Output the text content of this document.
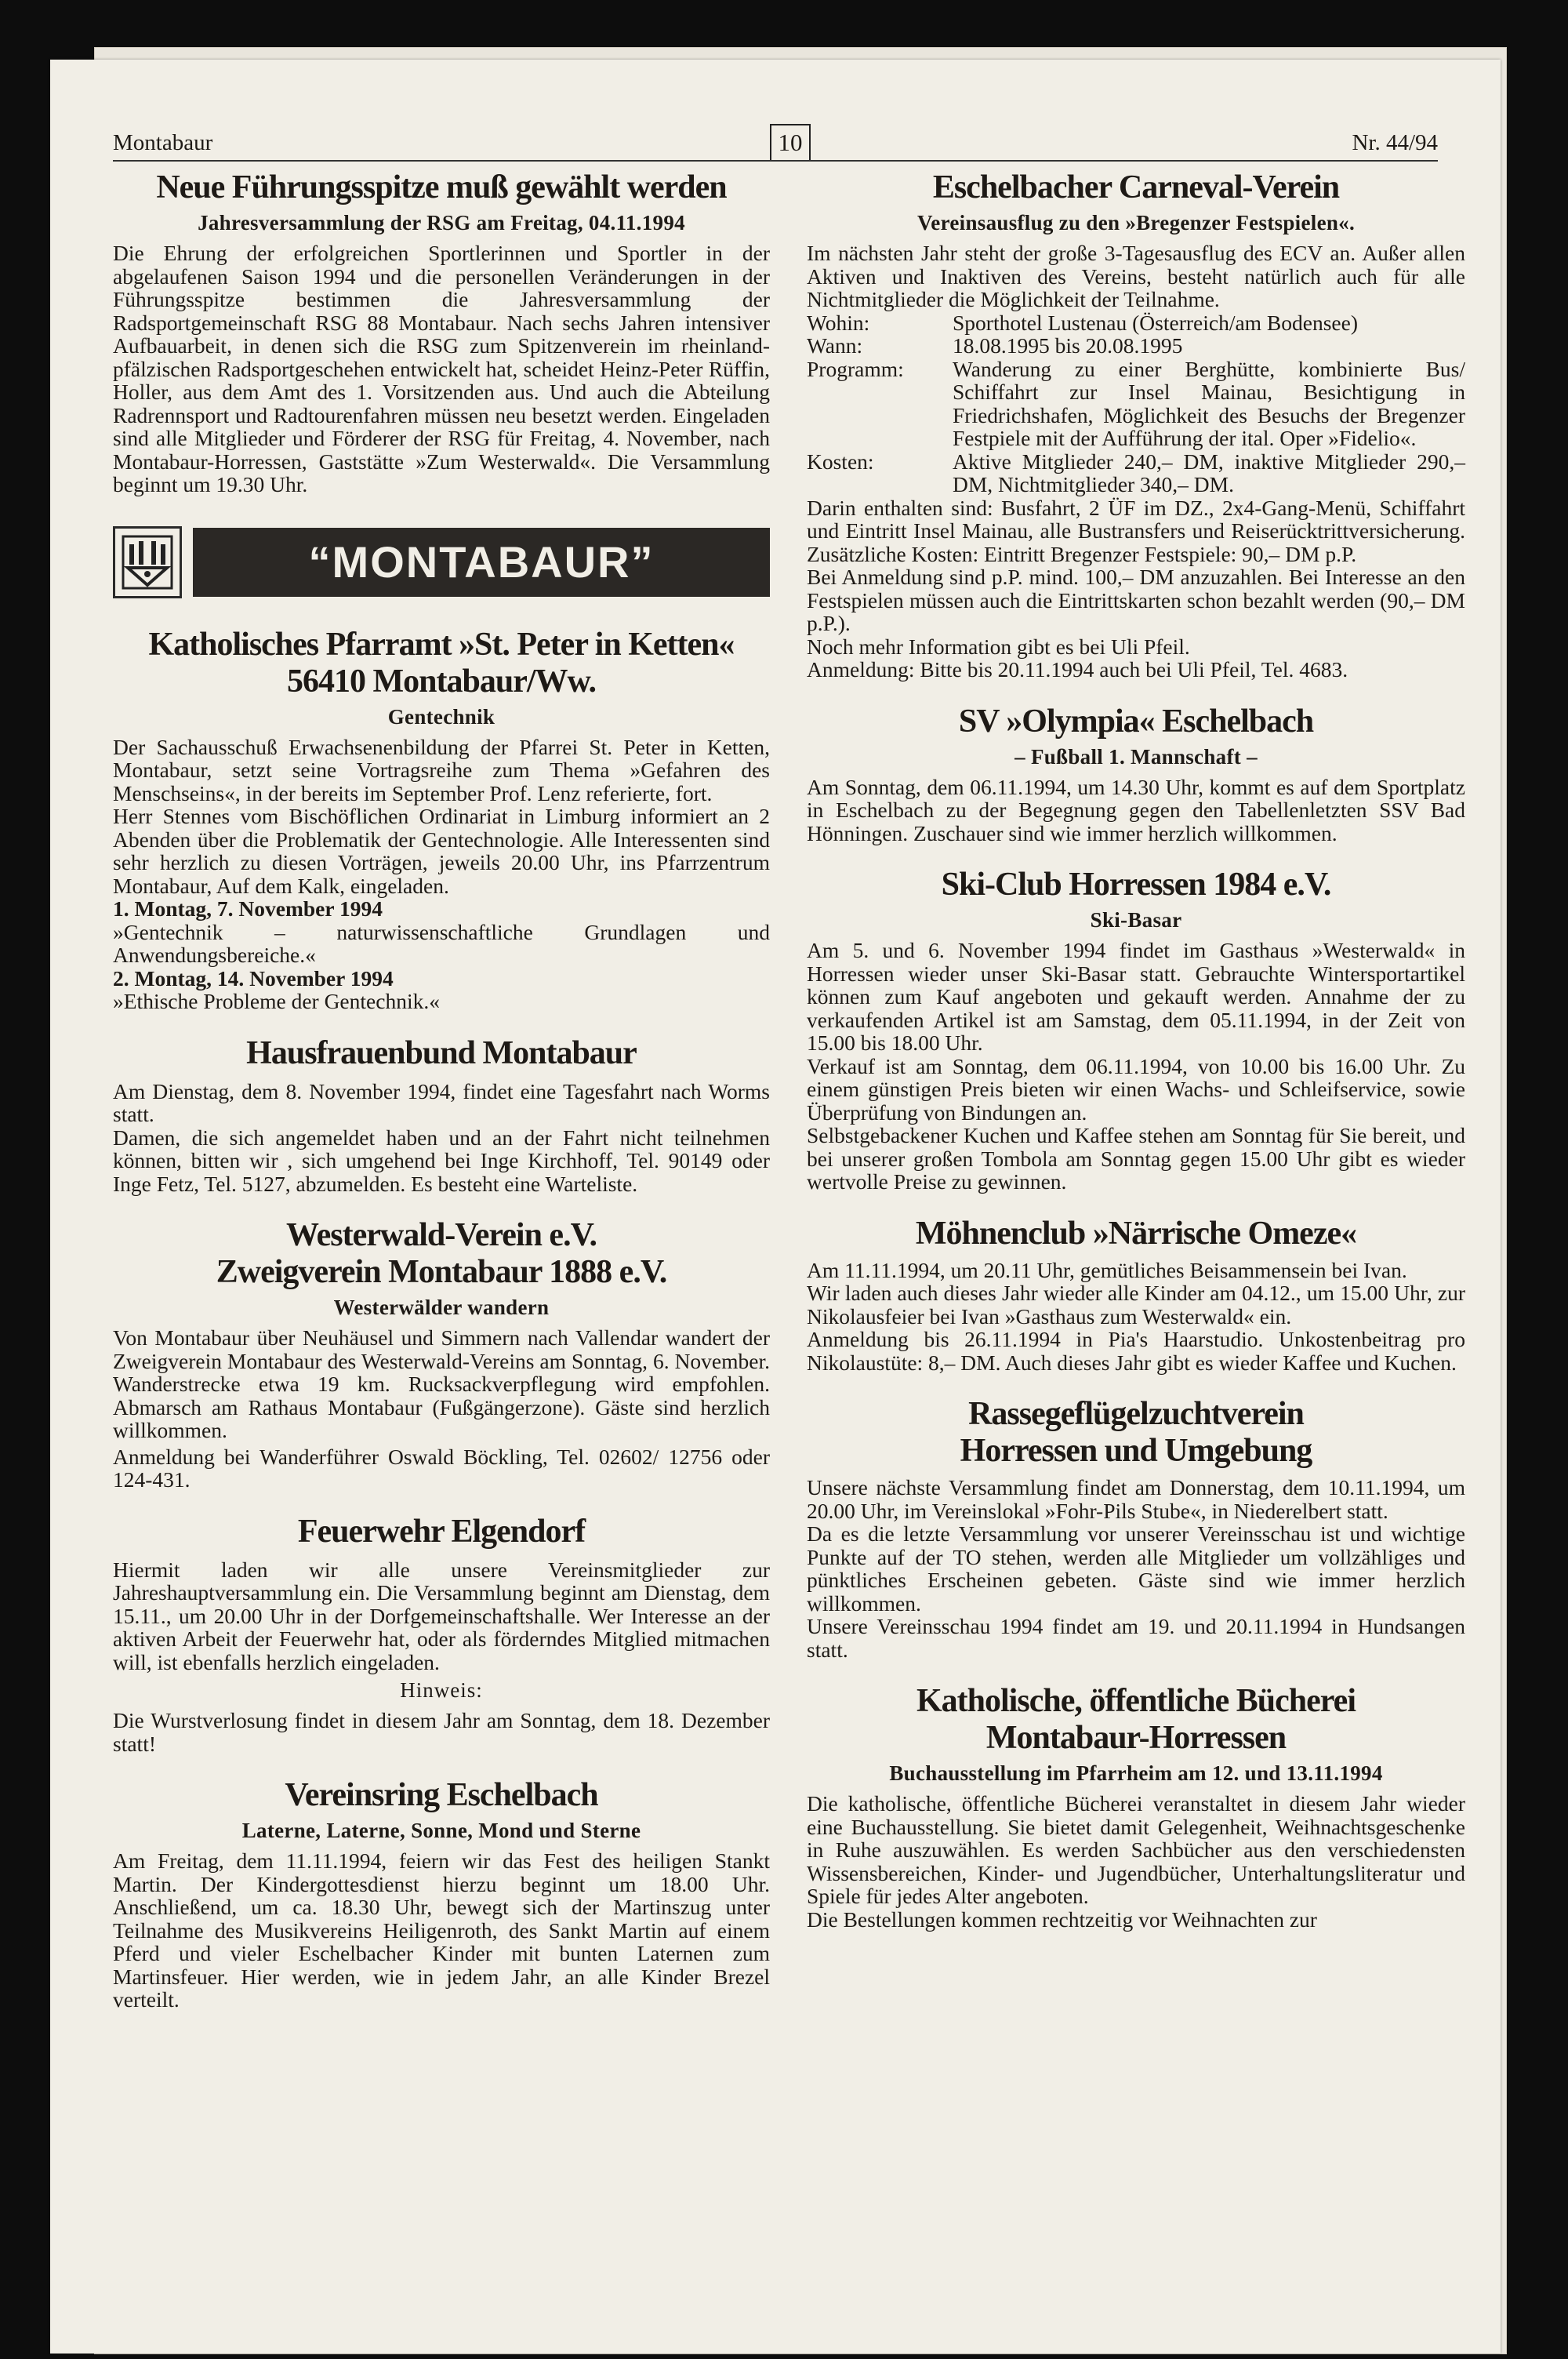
Montabaur	10	Nr. 44/94
Neue Führungsspitze muß gewählt werden
Jahresversammlung der RSG am Freitag, 04.11.1994

Die Ehrung der erfolgreichen Sportlerinnen und Sportler in der abgelaufenen Saison 1994 und die personellen Veränderungen in der Führungsspitze bestimmen die Jahresversammlung der Radsportgemeinschaft RSG 88 Montabaur. Nach sechs Jahren intensiver Aufbauarbeit, in denen sich die RSG zum Spitzenverein im rheinland-pfälzischen Radsportgeschehen entwickelt hat, scheidet Heinz-Peter Rüffin, Holler, aus dem Amt des 1. Vorsitzenden aus. Und auch die Abteilung Radrennsport und Radtourenfahren müssen neu besetzt werden. Eingeladen sind alle Mitglieder und Förderer der RSG für Freitag, 4. November, nach Montabaur-Horressen, Gaststätte »Zum Westerwald«. Die Versammlung beginnt um 19.30 Uhr.

“MONTABAUR”
Katholisches Pfarramt »St. Peter in Ketten«
56410 Montabaur/Ww.
Gentechnik

Der Sachausschuß Erwachsenenbildung der Pfarrei St. Peter in Ketten, Montabaur, setzt seine Vortragsreihe zum Thema »Gefahren des Menschseins«, in der bereits im September Prof. Lenz referierte, fort.

Herr Stennes vom Bischöflichen Ordinariat in Limburg informiert an 2 Abenden über die Problematik der Gentechnologie. Alle Interessenten sind sehr herzlich zu diesen Vorträgen, jeweils 20.00 Uhr, ins Pfarrzentrum Montabaur, Auf dem Kalk, eingeladen.

1. Montag, 7. November 1994

»Gentechnik – naturwissenschaftliche Grundlagen und Anwendungsbereiche.«

2. Montag, 14. November 1994

»Ethische Probleme der Gentechnik.«

Hausfrauenbund Montabaur

Am Dienstag, dem 8. November 1994, findet eine Tagesfahrt nach Worms statt.

Damen, die sich angemeldet haben und an der Fahrt nicht teilnehmen können, bitten wir , sich umgehend bei Inge Kirchhoff, Tel. 90149 oder Inge Fetz, Tel. 5127, abzumelden. Es besteht eine Warteliste.

Westerwald-Verein e.V.
Zweigverein Montabaur 1888 e.V.
Westerwälder wandern

Von Montabaur über Neuhäusel und Simmern nach Vallendar wandert der Zweigverein Montabaur des Westerwald-Vereins am Sonntag, 6. November. Wanderstrecke etwa 19 km. Rucksackverpflegung wird empfohlen. Abmarsch am Rathaus Montabaur (Fußgängerzone). Gäste sind herzlich willkommen.

Anmeldung bei Wanderführer Oswald Böckling, Tel. 02602/ 12756 oder 124-431.

Feuerwehr Elgendorf

Hiermit laden wir alle unsere Vereinsmitglieder zur Jahreshauptversammlung ein. Die Versammlung beginnt am Dienstag, dem 15.11., um 20.00 Uhr in der Dorfgemeinschaftshalle. Wer Interesse an der aktiven Arbeit der Feuerwehr hat, oder als förderndes Mitglied mitmachen will, ist ebenfalls herzlich eingeladen.

Hinweis:

Die Wurstverlosung findet in diesem Jahr am Sonntag, dem 18. Dezember statt!

Vereinsring Eschelbach
Laterne, Laterne, Sonne, Mond und Sterne

Am Freitag, dem 11.11.1994, feiern wir das Fest des heiligen Stankt Martin. Der Kindergottesdienst hierzu beginnt um 18.00 Uhr. Anschließend, um ca. 18.30 Uhr, bewegt sich der Martinszug unter Teilnahme des Musikvereins Heiligenroth, des Sankt Martin auf einem Pferd und vieler Eschelbacher Kinder mit bunten Laternen zum Martinsfeuer. Hier werden, wie in jedem Jahr, an alle Kinder Brezel verteilt.

Eschelbacher Carneval-Verein
Vereinsausflug zu den »Bregenzer Festspielen«.

Im nächsten Jahr steht der große 3-Tagesausflug des ECV an. Außer allen Aktiven und Inaktiven des Vereins, besteht natürlich auch für alle Nichtmitglieder die Möglichkeit der Teilnahme.

Wohin:	Sporthotel Lustenau (Österreich/am Bodensee)
Wann:	18.08.1995 bis 20.08.1995
Programm:	Wanderung zu einer Berghütte, kombinierte Bus/ Schiffahrt zur Insel Mainau, Besichtigung in Friedrichshafen, Möglichkeit des Besuchs der Bregenzer Festpiele mit der Aufführung der ital. Oper »Fidelio«.
Kosten:	Aktive Mitglieder 240,– DM, inaktive Mitglieder 290,– DM, Nichtmitglieder 340,– DM.

Darin enthalten sind: Busfahrt, 2 ÜF im DZ., 2x4-Gang-Menü, Schiffahrt und Eintritt Insel Mainau, alle Bustransfers und Reiserücktrittversicherung. Zusätzliche Kosten: Eintritt Bregenzer Festspiele: 90,– DM p.P.

Bei Anmeldung sind p.P. mind. 100,– DM anzuzahlen. Bei Interesse an den Festspielen müssen auch die Eintrittskarten schon bezahlt werden (90,– DM p.P.).

Noch mehr Information gibt es bei Uli Pfeil.

Anmeldung: Bitte bis 20.11.1994 auch bei Uli Pfeil, Tel. 4683.

SV »Olympia« Eschelbach
– Fußball 1. Mannschaft –

Am Sonntag, dem 06.11.1994, um 14.30 Uhr, kommt es auf dem Sportplatz in Eschelbach zu der Begegnung gegen den Tabellenletzten SSV Bad Hönningen. Zuschauer sind wie immer herzlich willkommen.

Ski-Club Horressen 1984 e.V.
Ski-Basar

Am 5. und 6. November 1994 findet im Gasthaus »Westerwald« in Horressen wieder unser Ski-Basar statt. Gebrauchte Wintersportartikel können zum Kauf angeboten und gekauft werden. Annahme der zu verkaufenden Artikel ist am Samstag, dem 05.11.1994, in der Zeit von 15.00 bis 18.00 Uhr.

Verkauf ist am Sonntag, dem 06.11.1994, von 10.00 bis 16.00 Uhr. Zu einem günstigen Preis bieten wir einen Wachs- und Schleifservice, sowie Überprüfung von Bindungen an.

Selbstgebackener Kuchen und Kaffee stehen am Sonntag für Sie bereit, und bei unserer großen Tombola am Sonntag gegen 15.00 Uhr gibt es wieder wertvolle Preise zu gewinnen.

Möhnenclub »Närrische Omeze«

Am 11.11.1994, um 20.11 Uhr, gemütliches Beisammensein bei Ivan.

Wir laden auch dieses Jahr wieder alle Kinder am 04.12., um 15.00 Uhr, zur Nikolausfeier bei Ivan »Gasthaus zum Westerwald« ein.

Anmeldung bis 26.11.1994 in Pia's Haarstudio. Unkostenbeitrag pro Nikolaustüte: 8,– DM. Auch dieses Jahr gibt es wieder Kaffee und Kuchen.

Rassegeflügelzuchtverein
Horressen und Umgebung

Unsere nächste Versammlung findet am Donnerstag, dem 10.11.1994, um 20.00 Uhr, im Vereinslokal »Fohr-Pils Stube«, in Niederelbert statt.

Da es die letzte Versammlung vor unserer Vereinsschau ist und wichtige Punkte auf der TO stehen, werden alle Mitglieder um vollzähliges und pünktliches Erscheinen gebeten. Gäste sind wie immer herzlich willkommen.

Unsere Vereinsschau 1994 findet am 19. und 20.11.1994 in Hundsangen statt.

Katholische, öffentliche Bücherei
Montabaur-Horressen
Buchausstellung im Pfarrheim am 12. und 13.11.1994

Die katholische, öffentliche Bücherei veranstaltet in diesem Jahr wieder eine Buchausstellung. Sie bietet damit Gelegenheit, Weihnachtsgeschenke in Ruhe auszuwählen. Es werden Sachbücher aus den verschiedensten Wissensbereichen, Kinder- und Jugendbücher, Unterhaltungsliteratur und Spiele für jedes Alter angeboten.

Die Bestellungen kommen rechtzeitig vor Weihnachten zur
